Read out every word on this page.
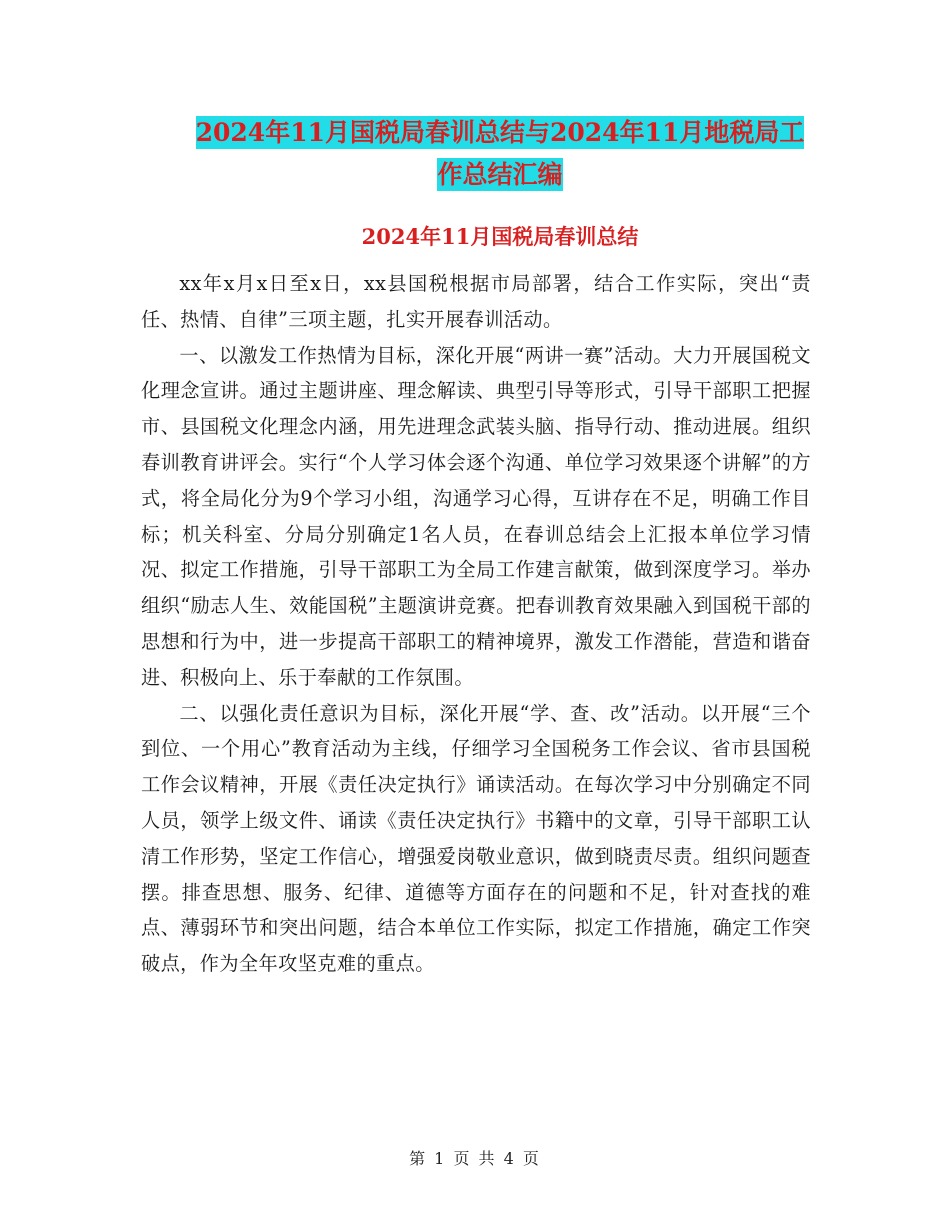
2024年11月国税局春训总结与2024年11月地税局工
作总结汇编
2024年11月国税局春训总结

xx年x月x日至x日，xx县国税根据市局部署，结合工作实际，突出“责任、热情、自律”三项主题，扎实开展春训活动。

一、以激发工作热情为目标，深化开展“两讲一赛”活动。大力开展国税文化理念宣讲。通过主题讲座、理念解读、典型引导等形式，引导干部职工把握市、县国税文化理念内涵，用先进理念武装头脑、指导行动、推动进展。组织春训教育讲评会。实行“个人学习体会逐个沟通、单位学习效果逐个讲解”的方式，将全局化分为9个学习小组，沟通学习心得，互讲存在不足，明确工作目标；机关科室、分局分别确定1名人员，在春训总结会上汇报本单位学习情况、拟定工作措施，引导干部职工为全局工作建言献策，做到深度学习。举办组织“励志人生、效能国税”主题演讲竞赛。把春训教育效果融入到国税干部的思想和行为中，进一步提高干部职工的精神境界，激发工作潜能，营造和谐奋进、积极向上、乐于奉献的工作氛围。

二、以强化责任意识为目标，深化开展“学、查、改”活动。以开展“三个到位、一个用心”教育活动为主线，仔细学习全国税务工作会议、省市县国税工作会议精神，开展《责任决定执行》诵读活动。在每次学习中分别确定不同人员，领学上级文件、诵读《责任决定执行》书籍中的文章，引导干部职工认清工作形势，坚定工作信心，增强爱岗敬业意识，做到晓责尽责。组织问题查摆。排查思想、服务、纪律、道德等方面存在的问题和不足，针对查找的难点、薄弱环节和突出问题，结合本单位工作实际，拟定工作措施，确定工作突破点，作为全年攻坚克难的重点。

第 1 页 共 4 页
